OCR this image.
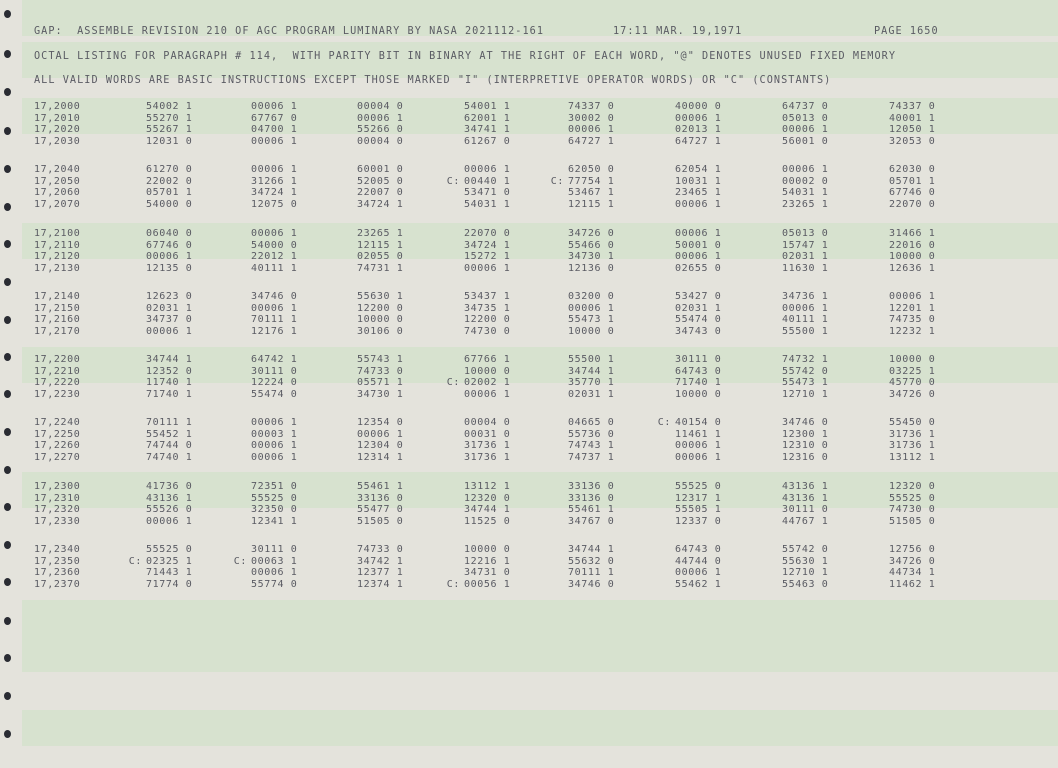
GAP:  ASSEMBLE REVISION 210 OF AGC PROGRAM LUMINARY BY NASA 2021112-161	17:11 MAR. 19,1971	PAGE 1650
OCTAL LISTING FOR PARAGRAPH # 114,  WITH PARITY BIT IN BINARY AT THE RIGHT OF EACH WORD, "@" DENOTES UNUSED FIXED MEMORY
ALL VALID WORDS ARE BASIC INSTRUCTIONS EXCEPT THOSE MARKED "I" (INTERPRETIVE OPERATOR WORDS) OR "C" (CONSTANTS)
17,2000	54002 1	00006 1	00004 0	54001 1	74337 0	40000 0	64737 0	74337 0
17,2010	55270 1	67767 0	00006 1	62001 1	30002 0	00006 1	05013 0	40001 1
17,2020	55267 1	04700 1	55266 0	34741 1	00006 1	02013 1	00006 1	12050 1
17,2030	12031 0	00006 1	00004 0	61267 0	64727 1	64727 1	56001 0	32053 0
17,2040	61270 0	00006 1	60001 0	00006 1	62050 0	62054 1	00006 1	62030 0
17,2050	22002 0	31266 1	52005 0	C: 00440 1	C: 77754 1	10031 1	00002 0	05701 1
17,2060	05701 1	34724 1	22007 0	53471 0	53467 1	23465 1	54031 1	67746 0
17,2070	54000 0	12075 0	34724 1	54031 1	12115 1	00006 1	23265 1	22070 0
17,2100	06040 0	00006 1	23265 1	22070 0	34726 0	00006 1	05013 0	31466 1
17,2110	67746 0	54000 0	12115 1	34724 1	55466 0	50001 0	15747 1	22016 0
17,2120	00006 1	22012 1	02055 0	15272 1	34730 1	00006 1	02031 1	10000 0
17,2130	12135 0	40111 1	74731 1	00006 1	12136 0	02655 0	11630 1	12636 1
17,2140	12623 0	34746 0	55630 1	53437 1	03200 0	53427 0	34736 1	00006 1
17,2150	02031 1	00006 1	12200 0	34735 1	00006 1	02031 1	00006 1	12201 1
17,2160	34737 0	70111 1	10000 0	12200 0	55473 1	55474 0	40111 1	74735 0
17,2170	00006 1	12176 1	30106 0	74730 0	10000 0	34743 0	55500 1	12232 1
17,2200	34744 1	64742 1	55743 1	67766 1	55500 1	30111 0	74732 1	10000 0
17,2210	12352 0	30111 0	74733 0	10000 0	34744 1	64743 0	55742 0	03225 1
17,2220	11740 1	12224 0	05571 1	C: 02002 1	35770 1	71740 1	55473 1	45770 0
17,2230	71740 1	55474 0	34730 1	00006 1	02031 1	10000 0	12710 1	34726 0
17,2240	70111 1	00006 1	12354 0	00004 0	04665 0	C: 40154 0	34746 0	55450 0
17,2250	55452 1	00003 1	00006 1	00031 0	55736 0	11461 1	12300 1	31736 1
17,2260	74744 0	00006 1	12304 0	31736 1	74743 1	00006 1	12310 0	31736 1
17,2270	74740 1	00006 1	12314 1	31736 1	74737 1	00006 1	12316 0	13112 1
17,2300	41736 0	72351 0	55461 1	13112 1	33136 0	55525 0	43136 1	12320 0
17,2310	43136 1	55525 0	33136 0	12320 0	33136 0	12317 1	43136 1	55525 0
17,2320	55526 0	32350 0	55477 0	34744 1	55461 1	55505 1	30111 0	74730 0
17,2330	00006 1	12341 1	51505 0	11525 0	34767 0	12337 0	44767 1	51505 0
17,2340	55525 0	30111 0	74733 0	10000 0	34744 1	64743 0	55742 0	12756 0
17,2350	C: 02325 1	C: 00063 1	34742 1	12216 1	55632 0	44744 0	55630 1	34726 0
17,2360	71443 1	00006 1	12377 1	34731 0	70111 1	00006 1	12710 1	44734 1
17,2370	71774 0	55774 0	12374 1	C: 00056 1	34746 0	55462 1	55463 0	11462 1
